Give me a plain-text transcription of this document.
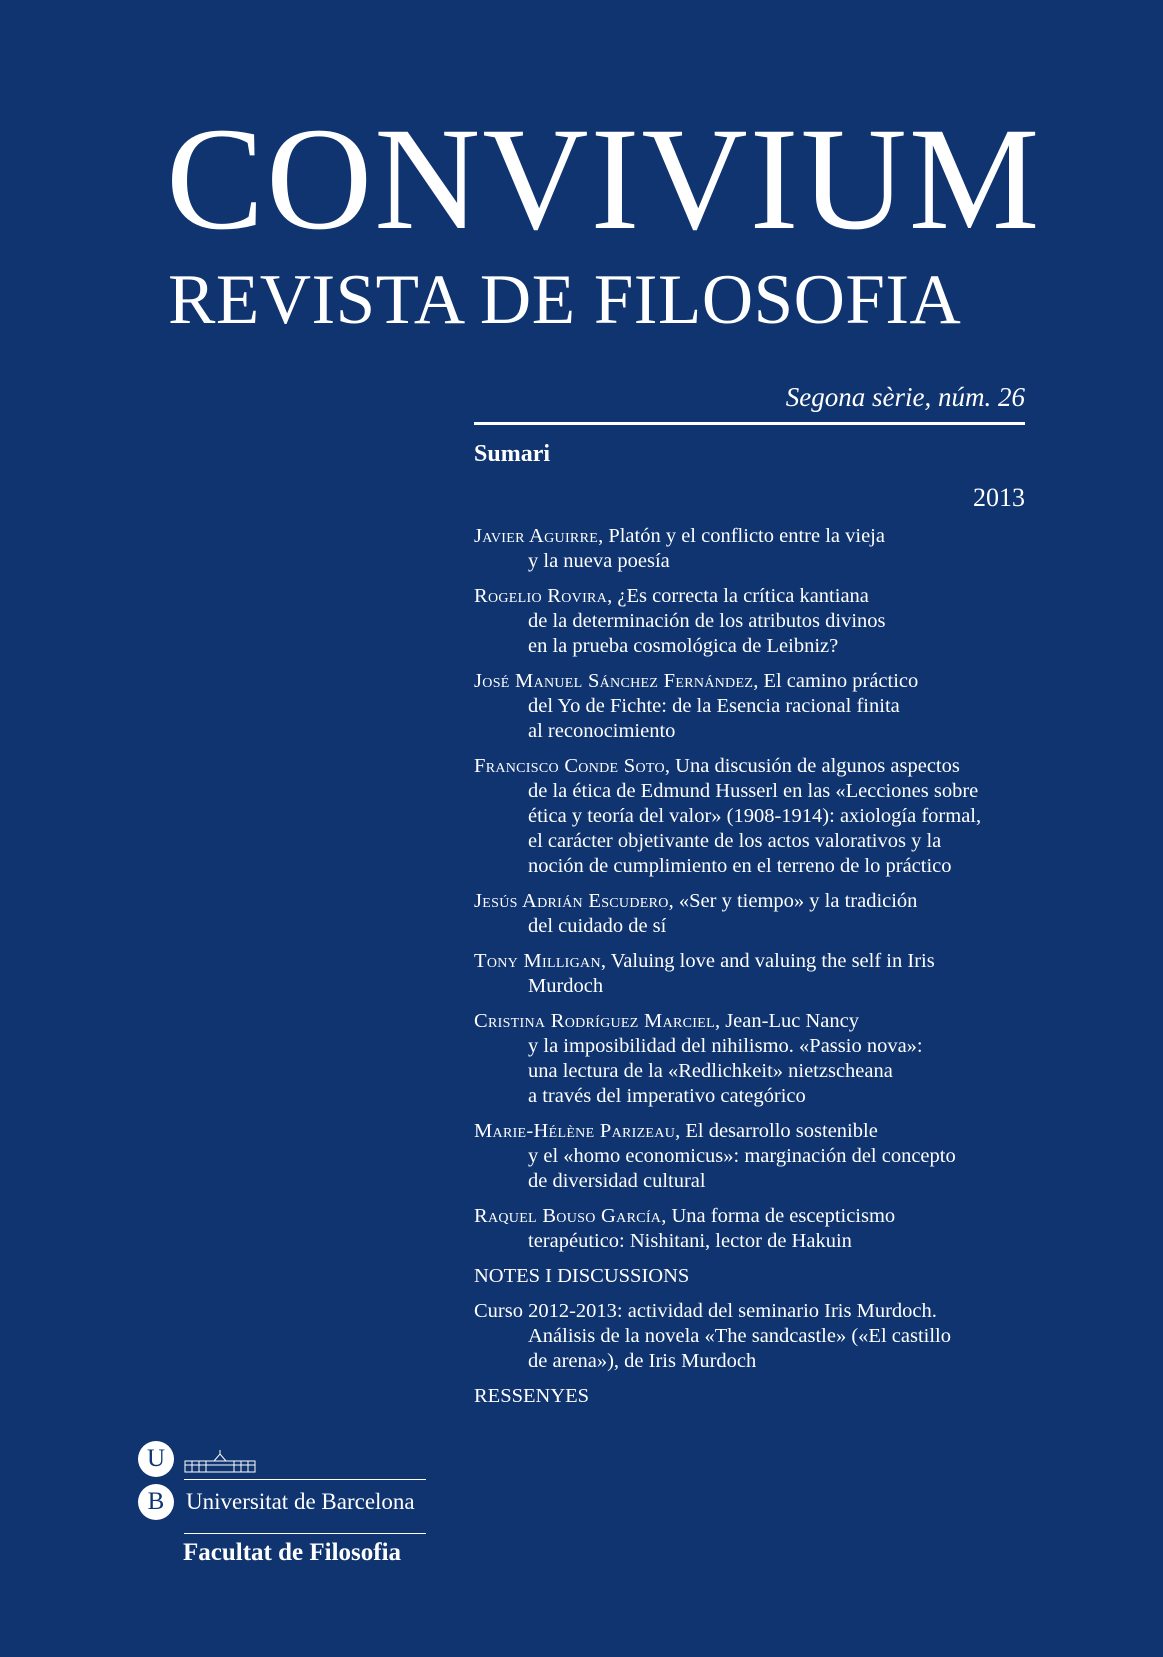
CONVIVIUM
REVISTA DE FILOSOFIA
Segona sèrie, núm. 26
Sumari
2013
Javier Aguirre, Platón y el conflicto entre la vieja
y la nueva poesía
Rogelio Rovira, ¿Es correcta la crítica kantiana
de la determinación de los atributos divinos
en la prueba cosmológica de Leibniz?
José Manuel Sánchez Fernández, El camino práctico
del Yo de Fichte: de la Esencia racional finita
al reconocimiento
Francisco Conde Soto, Una discusión de algunos aspectos
de la ética de Edmund Husserl en las «Lecciones sobre
ética y teoría del valor» (1908-1914): axiología formal,
el carácter objetivante de los actos valorativos y la
noción de cumplimiento en el terreno de lo práctico
Jesús Adrián Escudero, «Ser y tiempo» y la tradición
del cuidado de sí
Tony Milligan, Valuing love and valuing the self in Iris
Murdoch
Cristina Rodríguez Marciel, Jean-Luc Nancy
y la imposibilidad del nihilismo. «Passio nova»:
una lectura de la «Redlichkeit» nietzscheana
a través del imperativo categórico
Marie-Hélène Parizeau, El desarrollo sostenible
y el «homo economicus»: marginación del concepto
de diversidad cultural
Raquel Bouso García, Una forma de escepticismo
terapéutico: Nishitani, lector de Hakuin
NOTES I DISCUSSIONS
Curso 2012-2013: actividad del seminario Iris Murdoch.
Análisis de la novela «The sandcastle» («El castillo
de arena»), de Iris Murdoch
RESSENYES
U
B Universitat de Barcelona
Facultat de Filosofia
